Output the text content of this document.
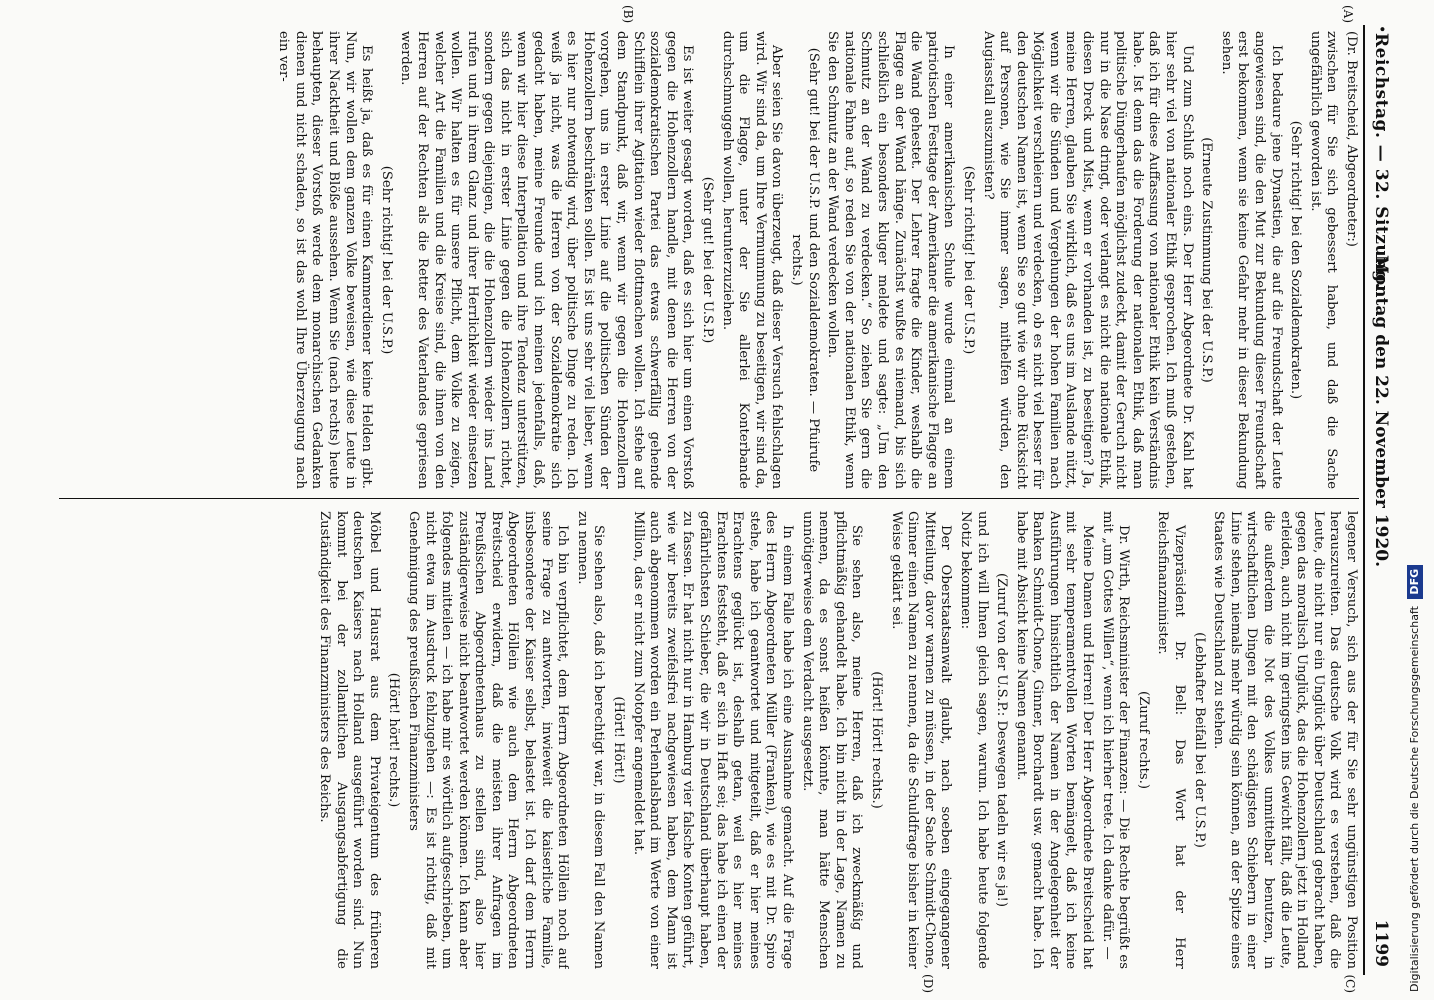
•
Reichstag. — 32. Sitzung.
Montag den 22. November 1920.
1199

(Dr. Breitscheid, Abgeordneter:)

zwischen für Sie sich gebessert haben, und daß die Sache ungefährlich geworden ist.

(Sehr richtig! bei den Sozialdemokraten.)

Ich bedaure jene Dynastien, die auf die Freundschaft der Leute angewiesen sind, die den Mut zur Bekundung dieser Freundschaft erst bekommen, wenn sie keine Gefahr mehr in dieser Bekundung sehen.

(Erneute Zustimmung bei der U.S.P.)

Und zum Schluß noch eins. Der Herr Abgeordnete Dr. Kahl hat hier sehr viel von nationaler Ethik gesprochen. Ich muß gestehen, daß ich für diese Auffassung von nationaler Ethik kein Verständnis habe. Ist denn das die Forderung der nationalen Ethik, daß man politische Düngerhaufen möglichst zudeckt, damit der Geruch nicht nur in die Nase dringt, oder verlangt es nicht die nationale Ethik, diesen Dreck und Mist, wenn er vorhanden ist, zu beseitigen? Ja, meine Herren, glauben Sie wirklich, daß es uns im Auslande nützt, wenn wir die Sünden und Vergehungen der hohen Familien nach Möglichkeit verschleiern und verdecken, ob es nicht viel besser für den deutschen Namen ist, wenn Sie so gut wie wir ohne Rücksicht auf Personen, wie Sie immer sagen, mithelfen würden, den Augiasstall auszumisten?

(Sehr richtig! bei der U.S.P.)

In einer amerikanischen Schule wurde einmal an einem patriotischen Festtage der Amerikaner die amerikanische Flagge an die Wand gehestet. Der Lehrer fragte die Kinder, weshalb die Flagge an der Wand hänge. Zunächst wußte es niemand, bis sich schließlich ein besonders kluger meldete und sagte: „Um den Schmutz an der Wand zu verdecken.“ So ziehen Sie gern die nationale Fahne auf, so reden Sie von der nationalen Ethik, wenn Sie den Schmutz an der Wand verdecken wollen.

(Sehr gut! bei der U.S.P. und den Sozialdemokraten. — Pfuirufe rechts.)

Aber seien Sie davon überzeugt, daß dieser Versuch fehlschlagen wird. Wir sind da, um Ihre Vermummung zu beseitigen, wir sind da, um die Flagge, unter der Sie allerlei Konterbande durchschmuggeln wollen, herunterzuziehen.

(Sehr gut! bei der U.S.P.)

Es ist weiter gesagt worden, daß es sich hier um einen Vorstoß gegen die Hohenzollern handle, mit denen die Herren von der sozialdemokratischen Partei das etwas schwerfällig gehende Schifflein ihrer Agitation wieder flottmachen wollen. Ich stehe auf dem Standpunkt, daß wir, wenn wir gegen die Hohenzollern vorgehen, uns in erster Linie auf die politischen Sünden der Hohenzollern beschränken sollen. Es ist uns sehr viel lieber, wenn es hier nur notwendig wird, über politische Dinge zu reden. Ich weiß ja nicht, was die Herren von der Sozialdemokratie sich gedacht haben, meine Freunde und ich meinen jedenfalls, daß, wenn wir hier diese Interpellation und ihre Tendenz unterstützen, sich das nicht in erster Linie gegen die Hohenzollern richtet, sondern gegen diejenigen, die die Hohenzollern wieder ins Land rufen und in ihrem Glanz und ihrer Herrlichkeit wieder einsetzen wollen. Wir halten es für unsere Pflicht, dem Volke zu zeigen, welcher Art die Familien und die Kreise sind, die ihnen von den Herren auf der Rechten als die Retter des Vaterlandes gepriesen werden.

(Sehr richtig! bei der U.S.P.)

Es heißt ja, daß es für einen Kammerdiener keine Helden gibt. Nun, wir wollen dem ganzen Volke beweisen, wie diese Leute in ihrer Nacktheit und Blöße aussehen. Wenn Sie (nach rechts) heute behaupten, dieser Vorstoß werde dem monarchischen Gedanken dienen und nicht schaden, so ist das wohl Ihre Überzeugung nach ein ver-

legener Versuch, sich aus der für Sie sehr ungünstigen Position herauszureiten. Das deutsche Volk wird es verstehen, daß die Leute, die nicht nur ein Unglück über Deutschland gebracht haben, gegen das moralisch Unglück, das die Hohenzollern jetzt in Holland erleiden, auch nicht im geringsten ins Gewicht fällt, daß die Leute, die außerdem die Not des Volkes unmittelbar benutzen, in wirtschaftlichen Dingen mit den schädigsten Schiebern in einer Linie stehen, niemals mehr würdig sein können, an der Spitze eines Staates wie Deutschland zu stehen.

(Lebhafter Beifall bei der U.S.P.)

Vizepräsident Dr. Bell: Das Wort hat der Herr Reichsfinanzminister.

(Zuruf rechts.)

Dr. Wirth, Reichsminister der Finanzen: — Die Rechte begrüßt es mit „um Gottes Willen“, wenn ich hierher trete. Ich danke dafür. —

Meine Damen und Herren! Der Herr Abgeordnete Breitscheid hat mit sehr temperamentvollen Worten bemängelt, daß ich keine Ausführungen hinsichtlich der Namen in der Angelegenheit der Banken Schmidt-Chone, Ginner, Borchardt usw. gemacht habe. Ich habe mit Absicht keine Namen genannt.

(Zuruf von der U.S.P.: Deswegen tadeln wir es ja!)

und ich will Ihnen gleich sagen, warum. Ich habe heute folgende Notiz bekommen:

Der Oberstaatsanwalt glaubt, nach soeben eingegangener Mitteilung, davor warnen zu müssen, in der Sache Schmidt-Chone, Ginner einen Namen zu nennen, da die Schuldfrage bisher in keiner Weise geklärt sei.

(Hört! Hört! rechts.)

Sie sehen also, meine Herren, daß ich zweckmäßig und pflichtmäßig gehandelt habe. Ich bin nicht in der Lage, Namen zu nennen, da es sonst heißen könnte, man hätte Menschen unnötigerweise dem Verdacht ausgesetzt.

In einem Falle habe ich eine Ausnahme gemacht. Auf die Frage des Herrn Abgeordneten Müller (Franken), wie es mit Dr. Spiro stehe, habe ich geantwortet und mitgeteilt, daß er hier meines Erachtens geglückt ist, deshalb getan, weil es hier meines Erachtens feststeht, daß er sich in Haft sei; das habe ich einen der gefährlichsten Schieber, die wir in Deutschland überhaupt haben, zu fassen. Er hat nicht nur in Hamburg vier falsche Konten geführt, wie wir bereits zweifelsfrei nachgewiesen haben, dem Mann ist auch abgenommen worden ein Perlenhalsband im Werte von einer Million, das er nicht zum Notopfer angemeldet hat.

(Hört! Hört!)

Sie sehen also, daß ich berechtigt war, in diesem Fall den Namen zu nennen.

Ich bin verpflichtet, dem Herrn Abgeordneten Höllein noch auf seine Frage zu antworten, inwieweit die kaiserliche Familie, insbesondere der Kaiser selbst, belastet ist. Ich darf dem Herrn Abgeordneten Höllein wie auch dem Herrn Abgeordneten Breitscheid erwidern, daß die meisten ihrer Anfragen im Preußischen Abgeordnetenhaus zu stellen sind, also hier zuständigerweise nicht beantwortet werden können. Ich kann aber folgendes mitteilen — ich habe mir es wörtlich aufgeschrieben, um nicht etwa im Ausdruck fehlzugehen —: Es ist richtig, daß mit Genehmigung des preußischen Finanzministers

(Hört! hört! rechts.)

Möbel und Hausrat aus dem Privateigentum des früheren deutschen Kaisers nach Holland ausgeführt worden sind. Nun kommt bei der zollamtlichen Ausgangsabfertigung die Zuständigkeit des Finanzministers des Reichs.

(A)
(B)
(C)
(D)	Digitalisierung gefördert durch die Deutsche Forschungsgemeinschaft DFG
